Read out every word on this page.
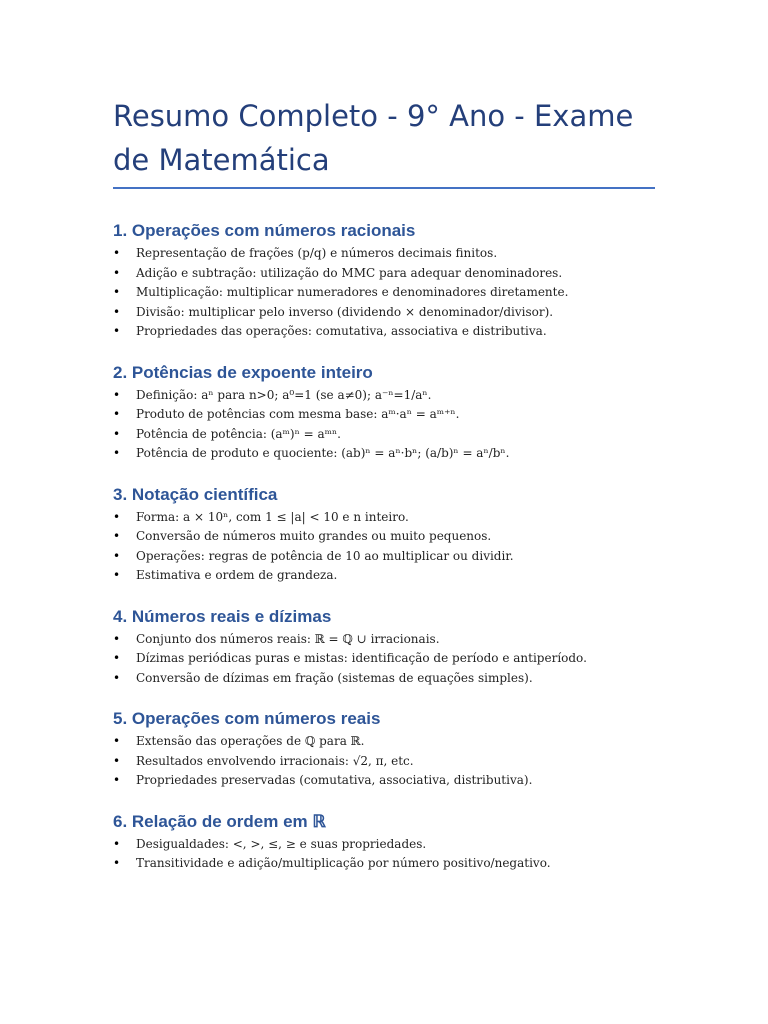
Resumo Completo - 9° Ano - Exame de Matemática
1. Operações com números racionais
• Representação de frações (p/q) e números decimais finitos.
• Adição e subtração: utilização do MMC para adequar denominadores.
• Multiplicação: multiplicar numeradores e denominadores diretamente.
• Divisão: multiplicar pelo inverso (dividendo × denominador/divisor).
• Propriedades das operações: comutativa, associativa e distributiva.
2. Potências de expoente inteiro
• Definição: aⁿ para n>0; a⁰=1 (se a≠0); a⁻ⁿ=1/aⁿ.
• Produto de potências com mesma base: aᵐ·aⁿ = aᵐ⁺ⁿ.
• Potência de potência: (aᵐ)ⁿ = aᵐⁿ.
• Potência de produto e quociente: (ab)ⁿ = aⁿ·bⁿ; (a/b)ⁿ = aⁿ/bⁿ.
3. Notação científica
• Forma: a × 10ⁿ, com 1 ≤ |a| < 10 e n inteiro.
• Conversão de números muito grandes ou muito pequenos.
• Operações: regras de potência de 10 ao multiplicar ou dividir.
• Estimativa e ordem de grandeza.
4. Números reais e dízimas
• Conjunto dos números reais: ℝ = ℚ ∪ irracionais.
• Dízimas periódicas puras e mistas: identificação de período e antiperíodo.
• Conversão de dízimas em fração (sistemas de equações simples).
5. Operações com números reais
• Extensão das operações de ℚ para ℝ.
• Resultados envolvendo irracionais: √2, π, etc.
• Propriedades preservadas (comutativa, associativa, distributiva).
6. Relação de ordem em ℝ
• Desigualdades: <, >, ≤, ≥ e suas propriedades.
• Transitividade e adição/multiplicação por número positivo/negativo.
